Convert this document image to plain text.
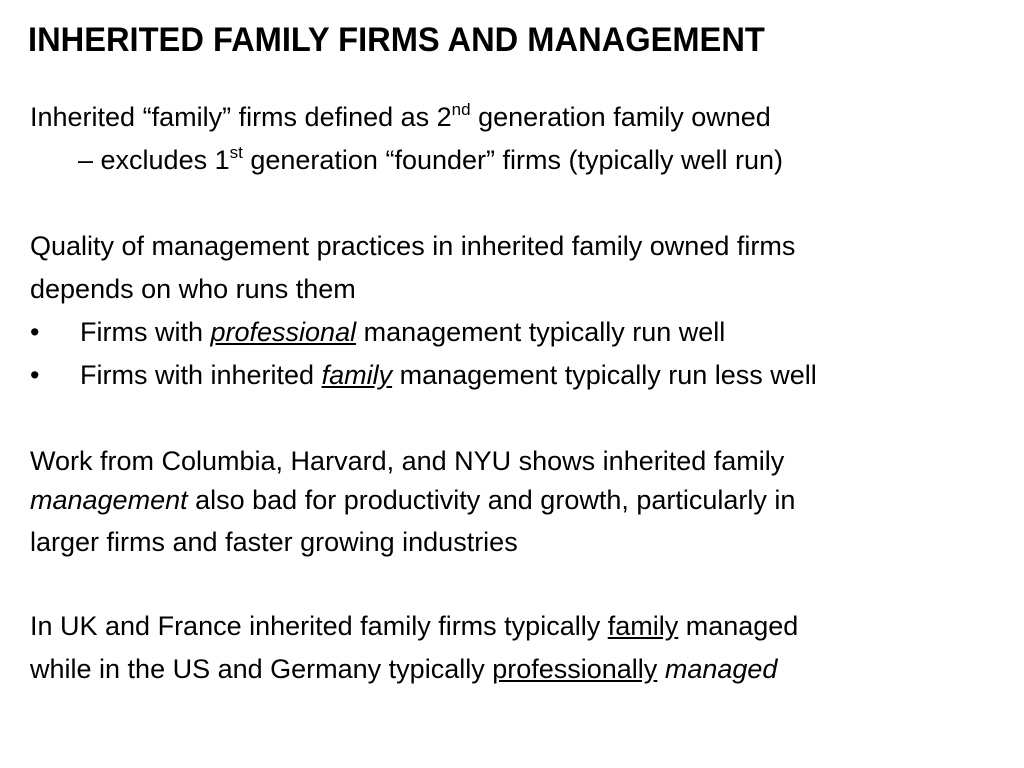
INHERITED FAMILY FIRMS AND MANAGEMENT
Inherited “family” firms defined as 2nd generation family owned
– excludes 1st generation “founder” firms (typically well run)
Quality of management practices in inherited family owned firms
depends on who runs them
• Firms with professional management typically run well
• Firms with inherited family management typically run less well
Work from Columbia, Harvard, and NYU shows inherited family
management also bad for productivity and growth, particularly in
larger firms and faster growing industries
In UK and France inherited family firms typically family managed
while in the US and Germany typically professionally managed
